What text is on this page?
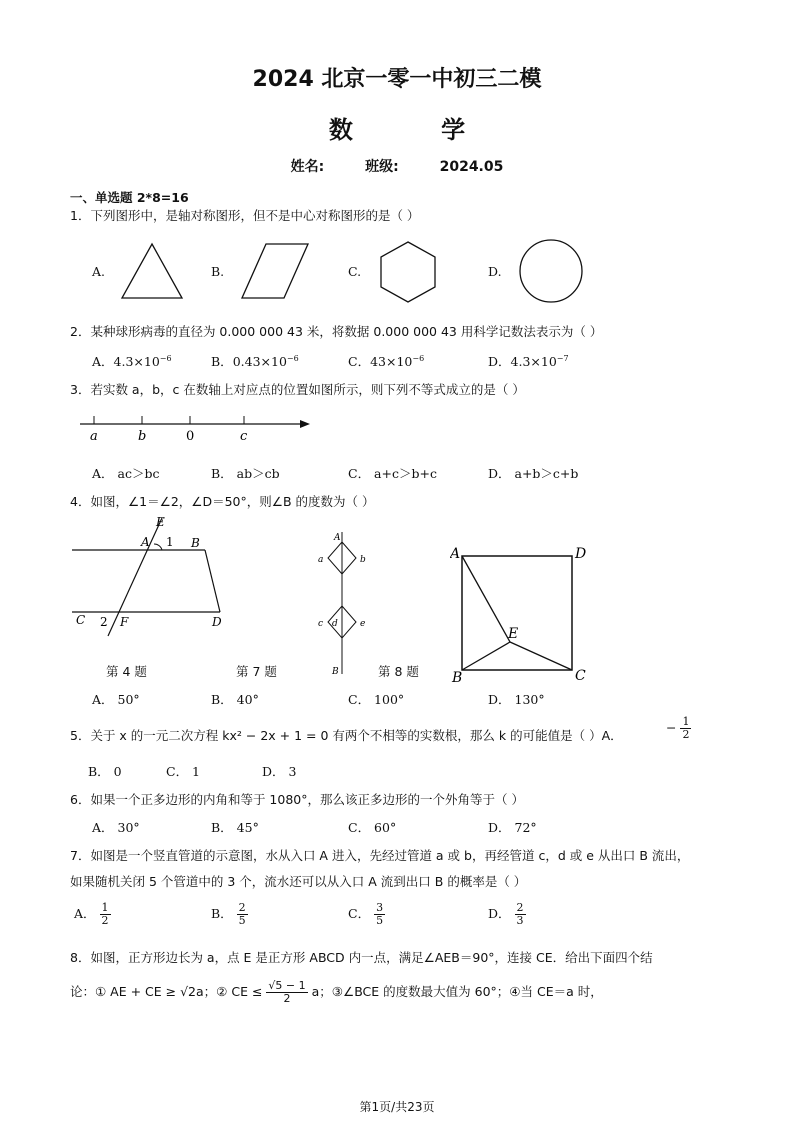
2024 北京一零一中初三二模
数 学
姓名:	班级:	2024.05
一、单选题 2*8=16
1．下列图形中，是轴对称图形，但不是中心对称图形的是（ ）
A.	B.	C.	D.
2．某种球形病毒的直径为 0.000 000 43 米，将数据 0.000 000 43 用科学记数法表示为（ ）
A．$4.3\times 10^{-6}$	B．$0.43\times 10^{-6}$	C．$43\times 10^{-6}$	D．$4.3\times 10^{-7}$
3．若实数 a，b，c 在数轴上对应点的位置如图所示，则下列不等式成立的是（ ）
a	b	0	c
A． ac＞bc	B． ab＞cb	C． a+c＞b+c	D． a+b＞c+b
4．如图，∠1＝∠2，∠D＝50°，则∠B 的度数为（ ）
E
A 1 B
C 2 F	D
A
a	b
c d e
B
A	D
E
B	C
第 4 题	第 7 题	第 8 题
A． 50°	B． 40°	C． 100°	D． 130°
5．关于 x 的一元二次方程 kx² − 2x + 1 = 0 有两个不相等的实数根，那么 k 的可能值是（ ）A．
− $\frac{1}{2}$
B． 0	C． 1	D． 3
6．如果一个正多边形的内角和等于 1080°，那么该正多边形的一个外角等于（ ）
A． 30°	B． 45°	C． 60°	D． 72°
7．如图是一个竖直管道的示意图，水从入口 A 进入，先经过管道 a 或 b，再经管道 c，d 或 e 从出口 B 流出，
如果随机关闭 5 个管道中的 3 个，流水还可以从入口 A 流到出口 B 的概率是（ ）
A． $\frac{1}{2}$	B． $\frac{2}{5}$	C． $\frac{3}{5}$	D． $\frac{2}{3}$
8．如图，正方形边长为 a，点 E 是正方形 ABCD 内一点，满足∠AEB＝90°，连接 CE．给出下面四个结
论：① AE + CE ≥ √2a；② CE ≤ $\frac{√5 - 1}{2}$ a；③∠BCE 的度数最大值为 60°；④当 CE＝a 时，
第1页/共23页
